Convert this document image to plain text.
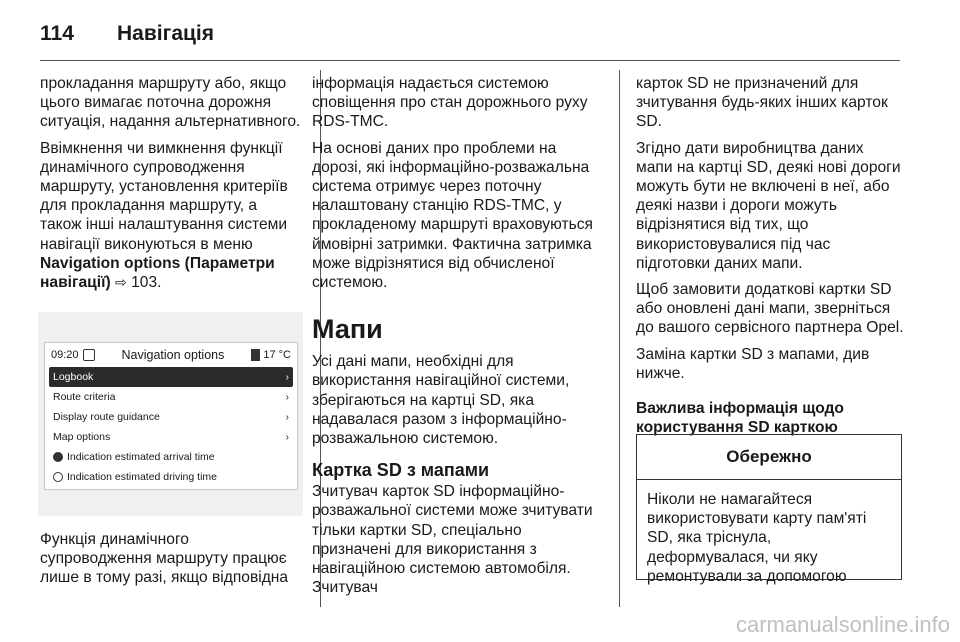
114 Навігація

прокладання маршруту або, якщо цього вимагає поточна дорожня ситуація, надання альтернативного.

Ввімкнення чи вимкнення функції динамічного супроводження маршруту, установлення критеріїв для прокладання маршруту, а також інші налаштування системи навігації виконуються в меню Navigation options (Параметри навігації) ⇨ 103.

09:20	Navigation options	17 °C
Logbook	›
Route criteria	›
Display route guidance	›
Map options	›
Indication estimated arrival time
Indication estimated driving time
Функція динамічного супроводження маршруту працює лише в тому разі, якщо відповідна

інформація надається системою сповіщення про стан дорожнього руху RDS-TMC.

На основі даних про проблеми на дорозі, які інформаційно-розважальна система отримує через поточну налаштовану станцію RDS-TMC, у прокладеному маршруті враховуються ймовірні затримки. Фактична затримка може відрізнятися від обчисленої системою.

Мапи

Усі дані мапи, необхідні для використання навігаційної системи, зберігаються на картці SD, яка надавалася разом з інформаційно-розважальною системою.

Картка SD з мапами

Зчитувач карток SD інформаційно-розважальної системи може зчитувати тільки картки SD, спеціально призначені для використання з навігаційною системою автомобіля. Зчитувач

карток SD не призначений для зчитування будь-яких інших карток SD.

Згідно дати виробництва даних мапи на картці SD, деякі нові дороги можуть бути не включені в неї, або деякі назви і дороги можуть відрізнятися від тих, що використовувалися під час підготовки даних мапи.

Щоб замовити додаткові картки SD або оновлені дані мапи, зверніться до вашого сервісного партнера Opel.

Заміна картки SD з мапами, див нижче.

Важлива інформація щодо користування SD карткою
Обережно
Ніколи не намагайтеся використовувати карту пам'яті SD, яка тріснула, деформувалася, чи яку ремонтували за допомогою
carmanualsonline.info
